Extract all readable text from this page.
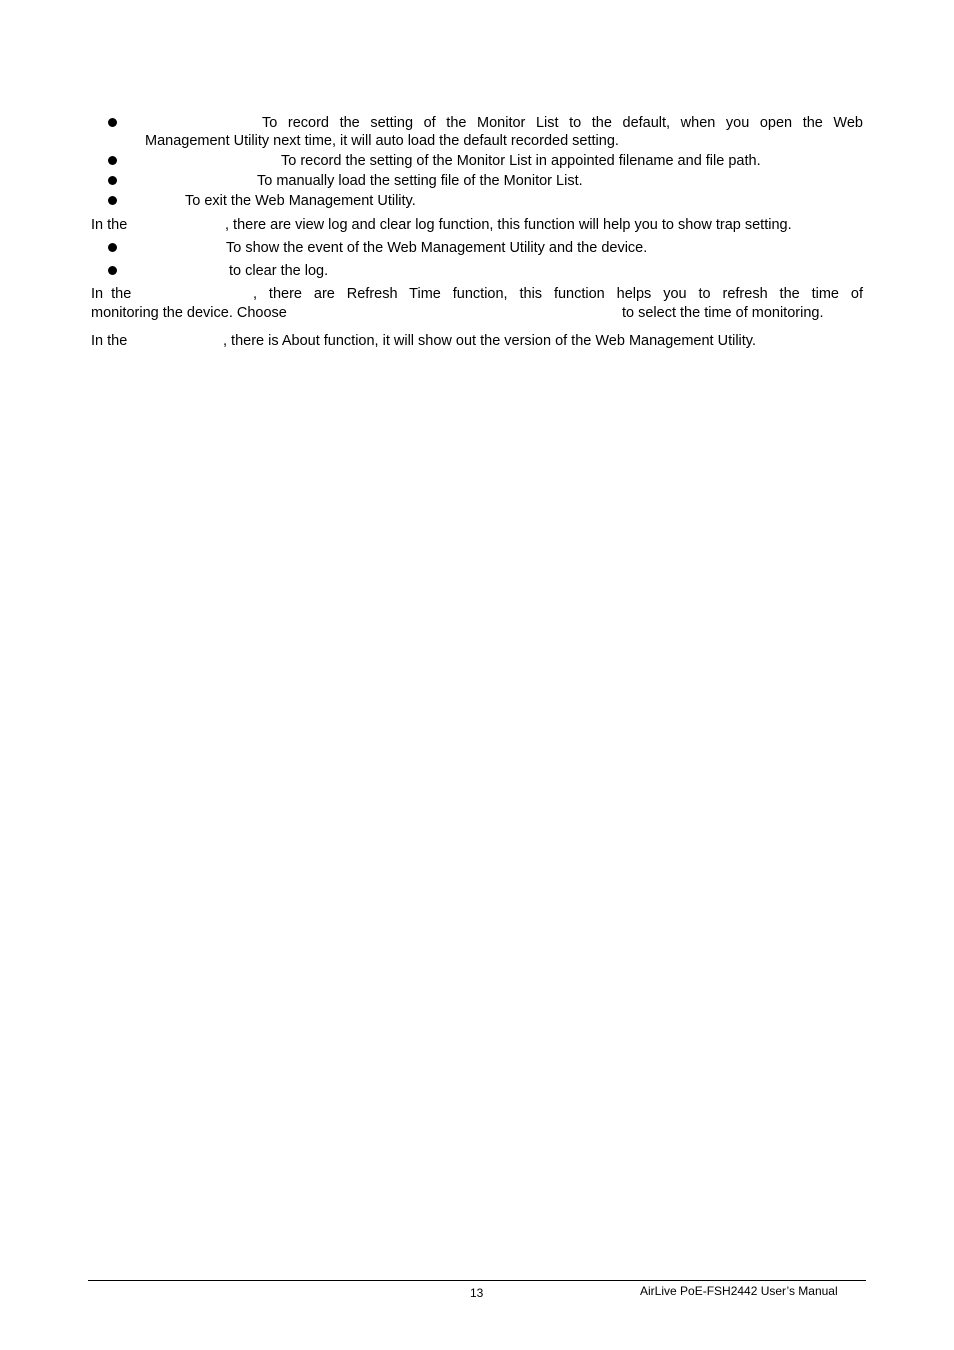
To record the setting of the Monitor List to the default, when you open the Web
Management Utility next time, it will auto load the default recorded setting.
To record the setting of the Monitor List in appointed filename and file path.
To manually load the setting file of the Monitor List.
To exit the Web Management Utility.
In the	, there are view log and clear log function, this function will help you to show trap setting.
To show the event of the Web Management Utility and the device.
to clear the log.
In  the	, there are Refresh Time function, this function helps you to refresh the time of
monitoring the device. Choose	to select the time of monitoring.
In the	, there is About function, it will show out the version of the Web Management Utility.
13	AirLive PoE-FSH2442 User’s Manual
